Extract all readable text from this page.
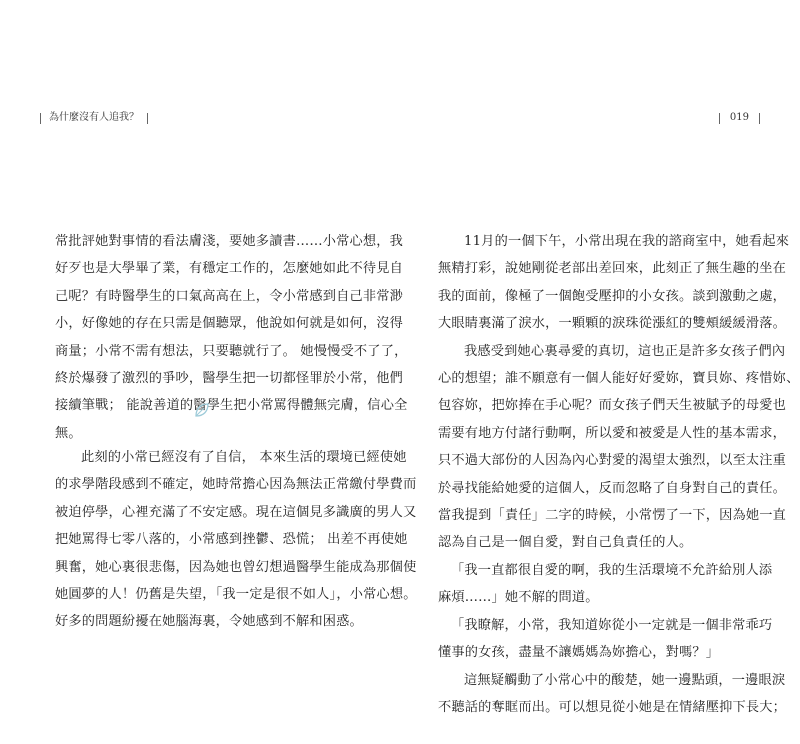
為什麼沒有人追我？	019
常批評她對事情的看法膚淺，要她多讀書……小常心想，我
好歹也是大學畢了業，有穩定工作的，怎麼她如此不待見自
己呢？有時醫學生的口氣高高在上，令小常感到自己非常渺
小，好像她的存在只需是個聽眾，他說如何就是如何，沒得
商量；小常不需有想法，只要聽就行了。 她慢慢受不了了，
終於爆發了激烈的爭吵，醫學生把一切都怪罪於小常，他們
接續筆戰； 能說善道的醫學生把小常罵得體無完膚，信心全
無。
此刻的小常已經沒有了自信， 本來生活的環境已經使她
的求學階段感到不確定，她時常擔心因為無法正常繳付學費而
被迫停學，心裡充滿了不安定感。現在這個見多識廣的男人又
把她罵得七零八落的，小常感到挫鬱、恐慌； 出差不再使她
興奮，她心裏很悲傷，因為她也曾幻想過醫學生能成為那個使
她圓夢的人！仍舊是失望，「我一定是很不如人」，小常心想。
好多的問題紛擾在她腦海裏，令她感到不解和困惑。
11月的一個下午，小常出現在我的諮商室中，她看起來
無精打彩，說她剛從老部出差回來，此刻正了無生趣的坐在
我的面前，像極了一個飽受壓抑的小女孩。談到激動之處，
大眼睛裏滿了淚水，一顆顆的淚珠從漲紅的雙頰緩緩滑落。
我感受到她心裏尋愛的真切，這也正是許多女孩子們內
心的想望；誰不願意有一個人能好好愛妳，寶貝妳、疼惜妳、
包容妳，把妳捧在手心呢？而女孩子們天生被賦予的母愛也
需要有地方付諸行動啊，所以愛和被愛是人性的基本需求，
只不過大部份的人因為內心對愛的渴望太強烈，以至太注重
於尋找能給她愛的這個人，反而忽略了自身對自己的責任。
當我提到「責任」二字的時候，小常愣了一下，因為她一直
認為自己是一個自愛，對自己負責任的人。
「我一直都很自愛的啊，我的生活環境不允許給別人添
麻煩……」她不解的問道。
「我瞭解，小常，我知道妳從小一定就是一個非常乖巧
懂事的女孩，盡量不讓媽媽為妳擔心，對嗎？」
這無疑觸動了小常心中的酸楚，她一邊點頭，一邊眼淚
不聽話的奪眶而出。可以想見從小她是在情緒壓抑下長大；
